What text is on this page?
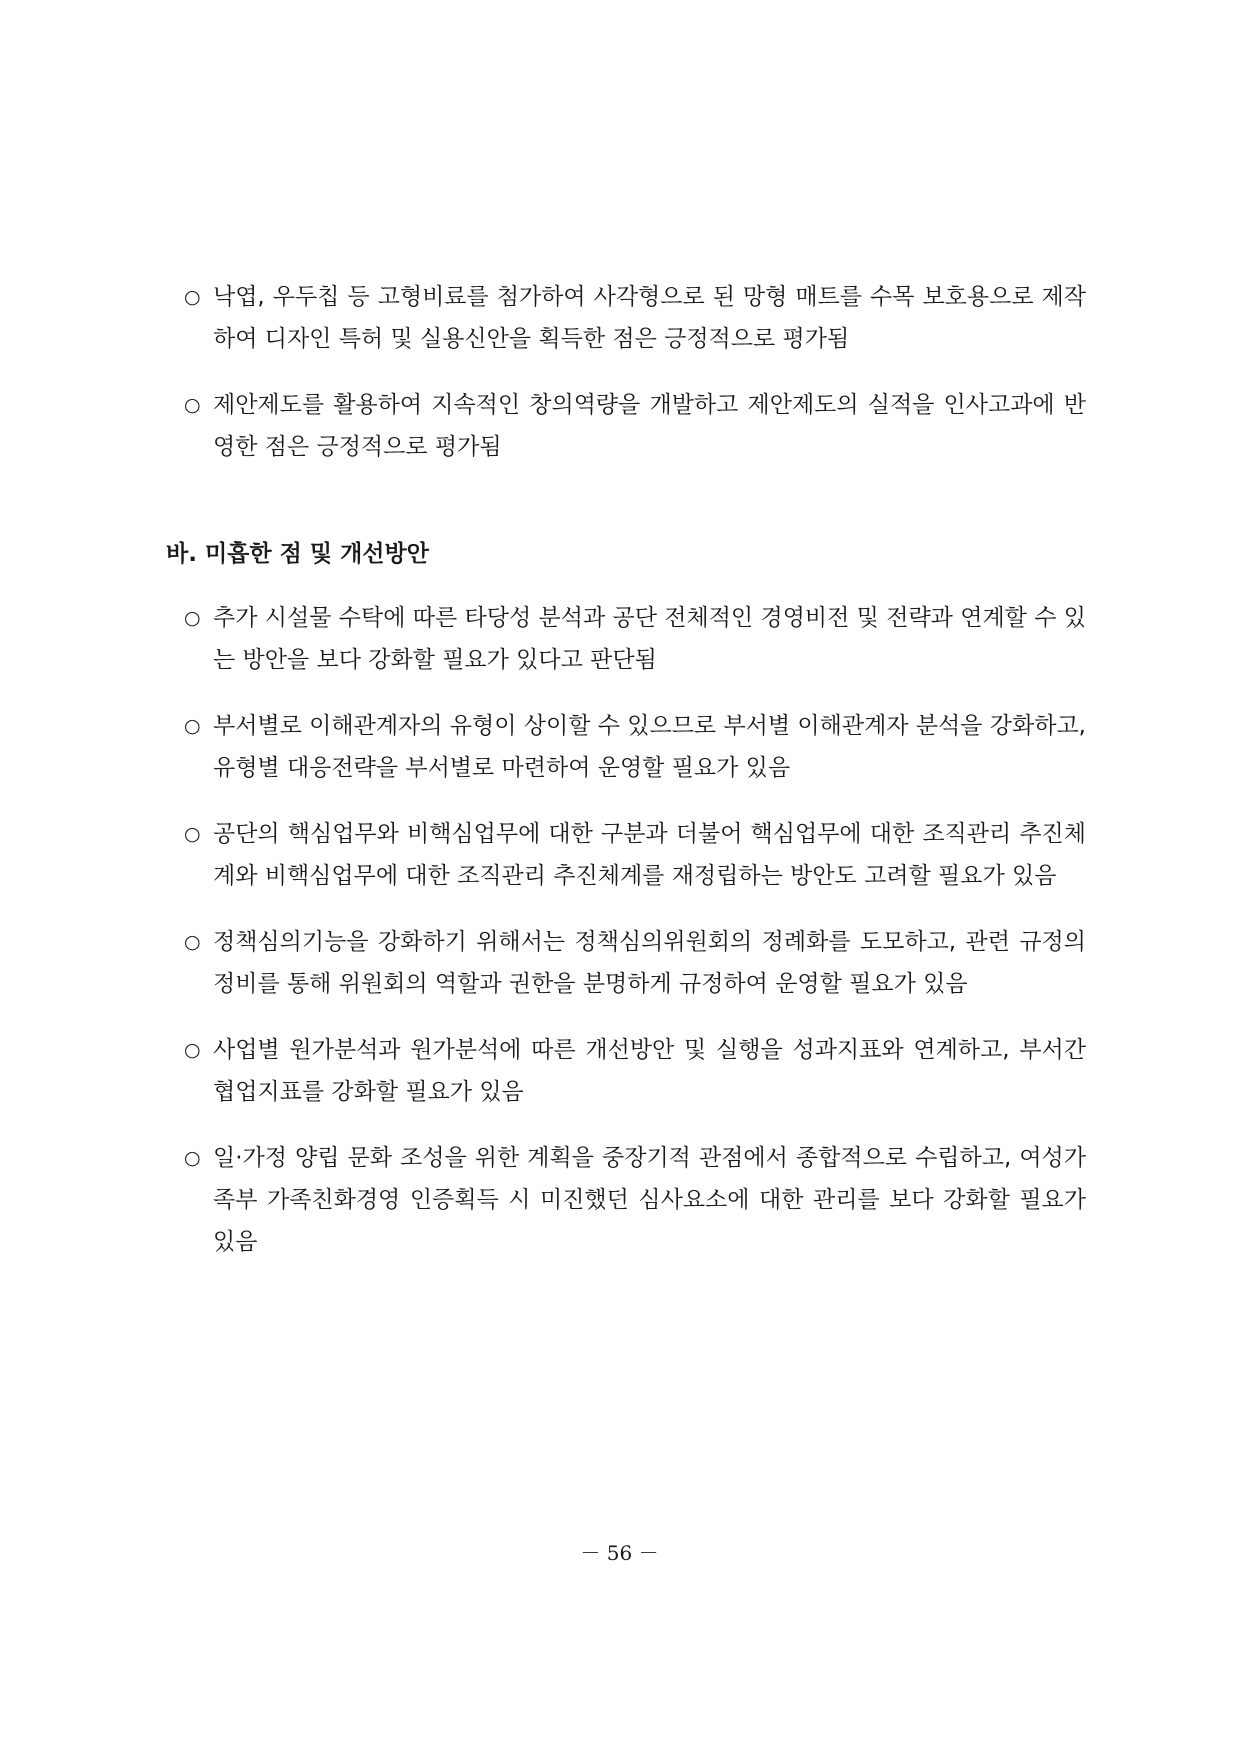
○ 낙엽, 우두칩 등 고형비료를 첨가하여 사각형으로 된 망형 매트를 수목 보호용으로 제작하여 디자인 특허 및 실용신안을 획득한 점은 긍정적으로 평가됨

○ 제안제도를 활용하여 지속적인 창의역량을 개발하고 제안제도의 실적을 인사고과에 반영한 점은 긍정적으로 평가됨

바. 미흡한 점 및 개선방안

○ 추가 시설물 수탁에 따른 타당성 분석과 공단 전체적인 경영비전 및 전략과 연계할 수 있는 방안을 보다 강화할 필요가 있다고 판단됨

○ 부서별로 이해관계자의 유형이 상이할 수 있으므로 부서별 이해관계자 분석을 강화하고, 유형별 대응전략을 부서별로 마련하여 운영할 필요가 있음

○ 공단의 핵심업무와 비핵심업무에 대한 구분과 더불어 핵심업무에 대한 조직관리 추진체계와 비핵심업무에 대한 조직관리 추진체계를 재정립하는 방안도 고려할 필요가 있음

○ 정책심의기능을 강화하기 위해서는 정책심의위원회의 정례화를 도모하고, 관련 규정의 정비를 통해 위원회의 역할과 권한을 분명하게 규정하여 운영할 필요가 있음

○ 사업별 원가분석과 원가분석에 따른 개선방안 및 실행을 성과지표와 연계하고, 부서간 협업지표를 강화할 필요가 있음

○ 일·가정 양립 문화 조성을 위한 계획을 중장기적 관점에서 종합적으로 수립하고, 여성가족부 가족친화경영 인증획득 시 미진했던 심사요소에 대한 관리를 보다 강화할 필요가 있음

－ 56 －
